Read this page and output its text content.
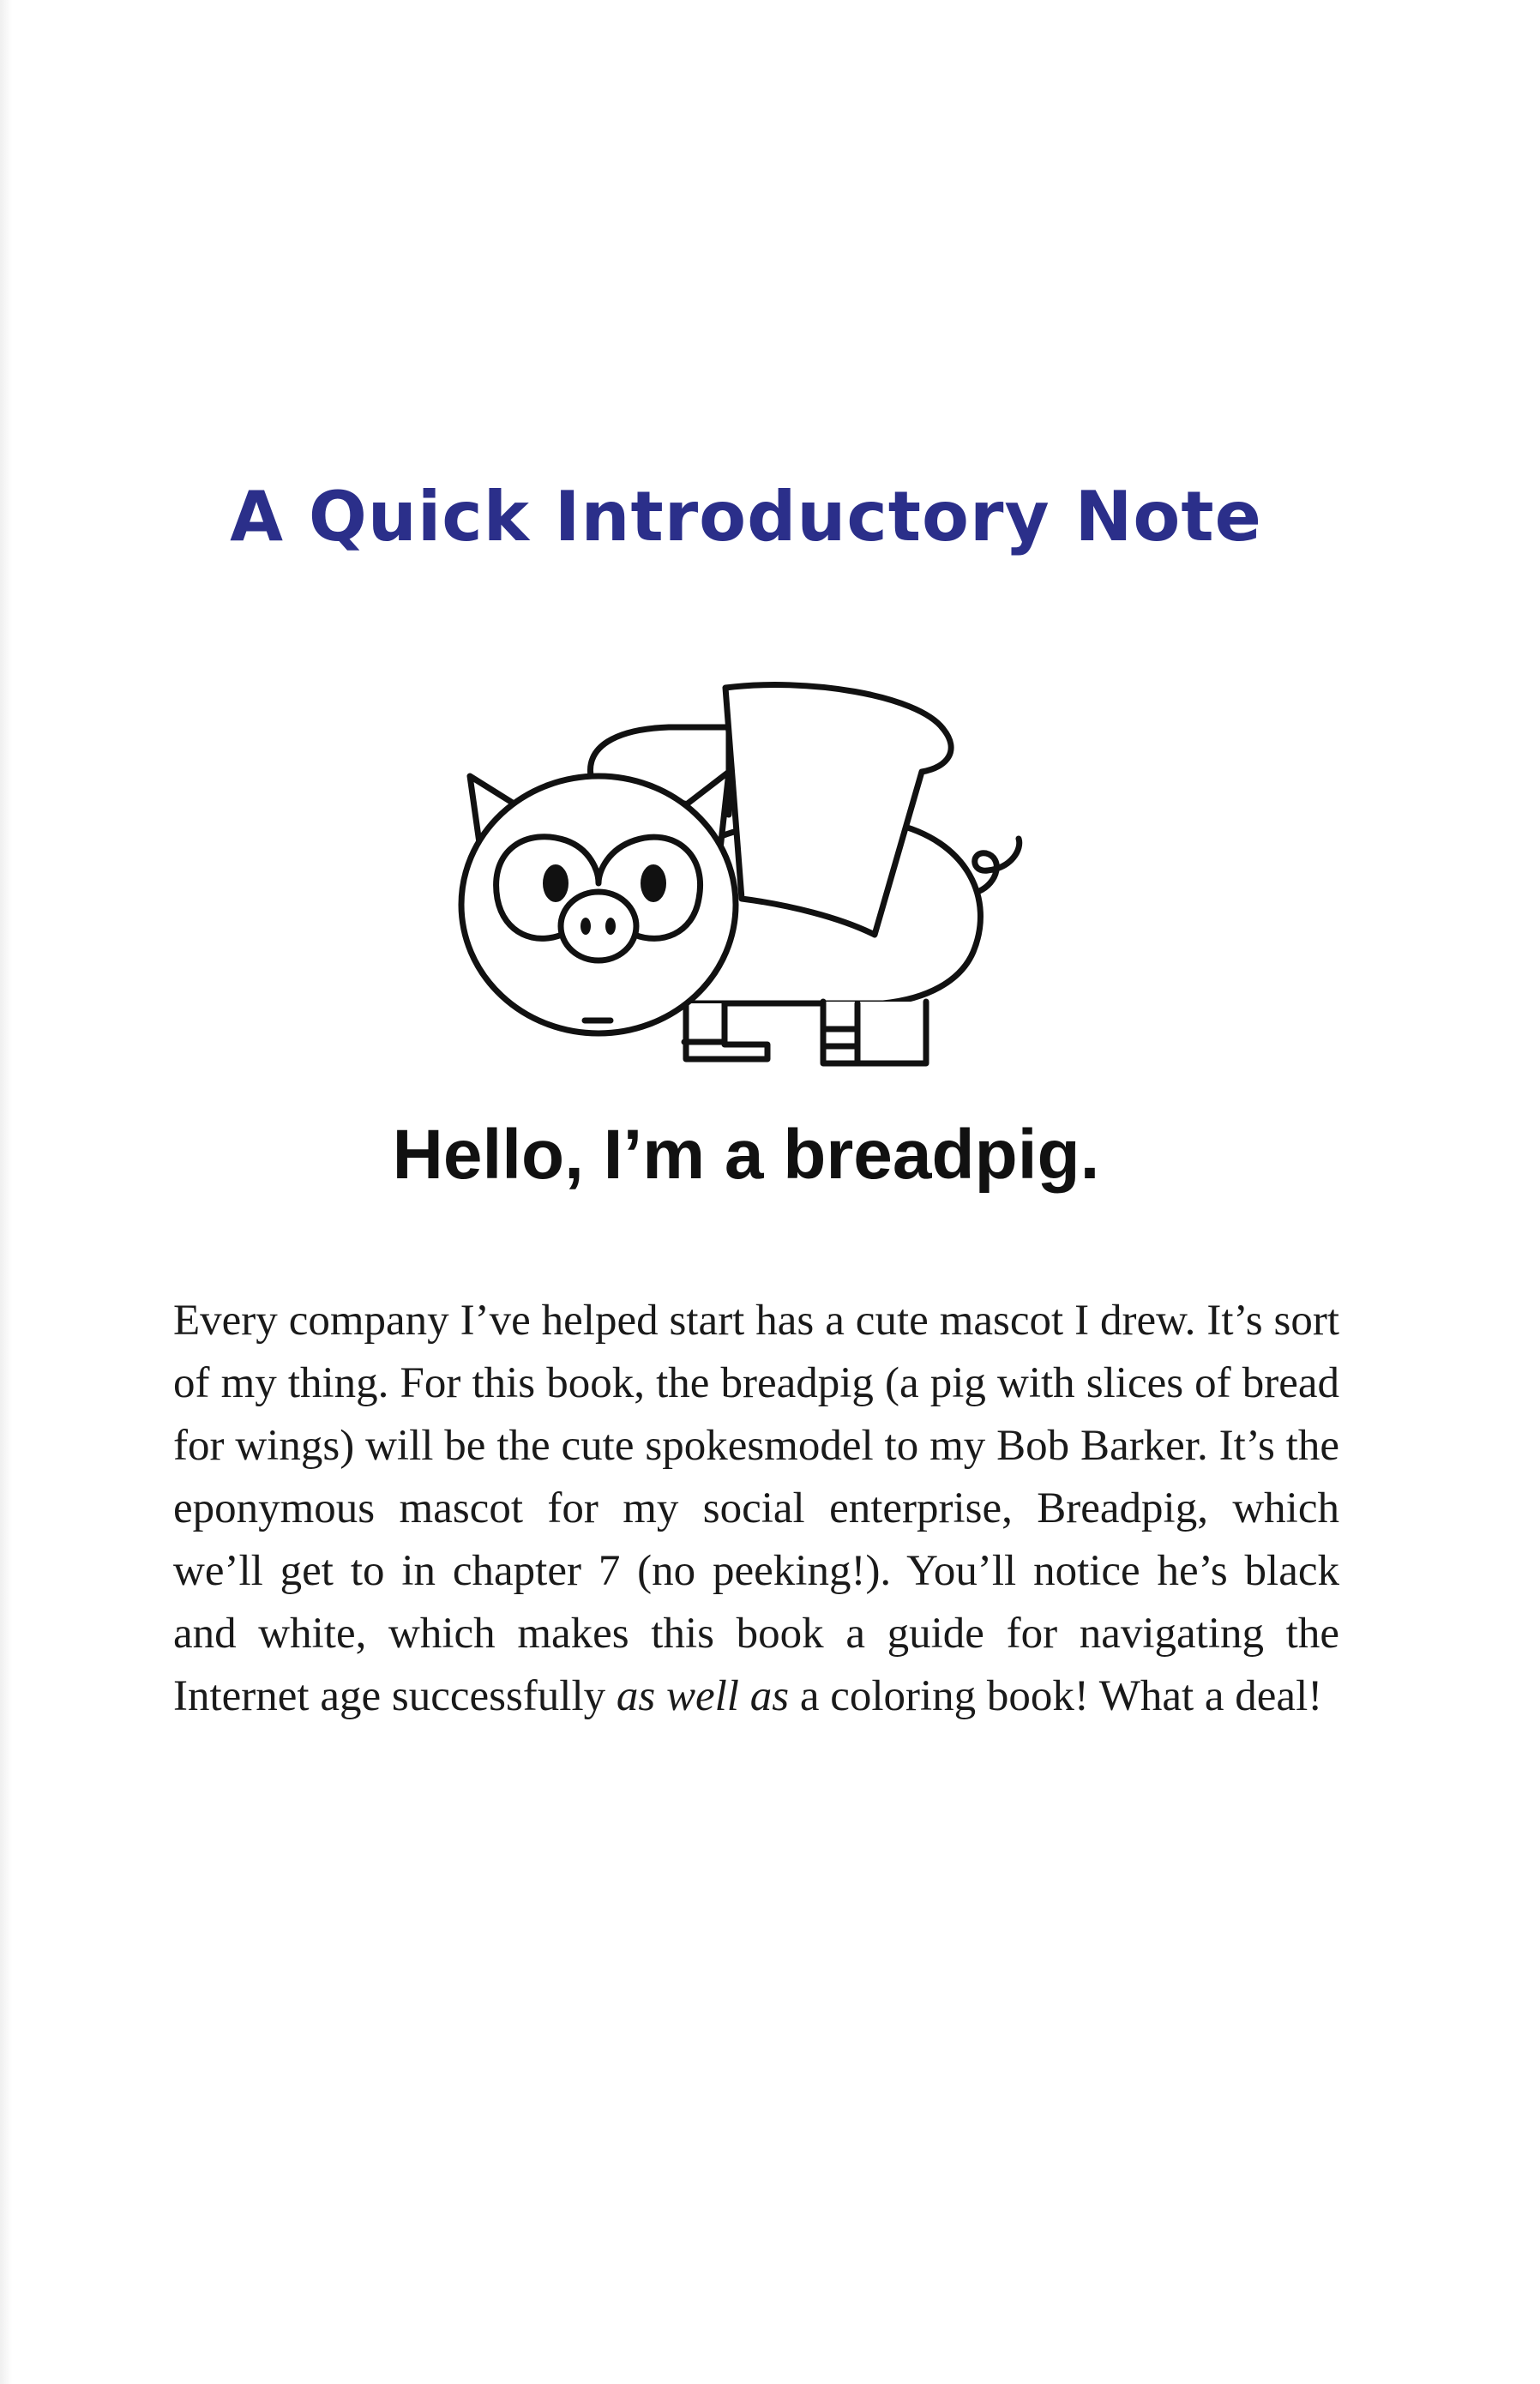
A Quick Introductory Note

Hello, I’m a breadpig.

Every company I’ve helped start has a cute mascot I drew. It’s sort of my thing. For this book, the breadpig (a pig with slices of bread for wings) will be the cute spokesmodel to my Bob Barker. It’s the eponymous mascot for my social enterprise, Breadpig, which we’ll get to in chapter 7 (no peeking!). You’ll notice he’s black and white, which makes this book a guide for navigating the Internet age successfully as well as a coloring book! What a deal!
